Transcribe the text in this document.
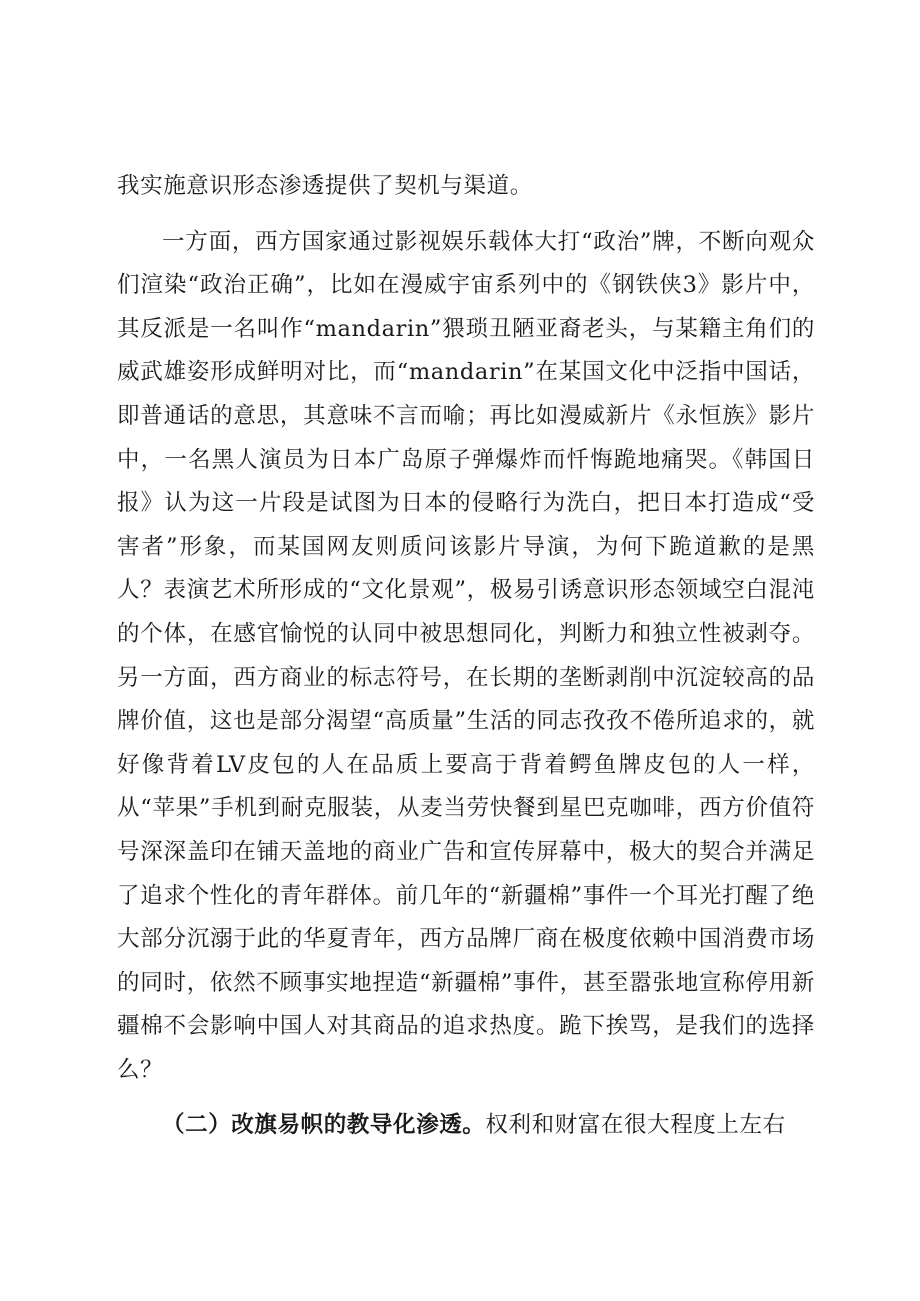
我实施意识形态渗透提供了契机与渠道。

一方面，西方国家通过影视娱乐载体大打“政治”牌，不断向观众们渲染“政治正确”，比如在漫威宇宙系列中的《钢铁侠3》影片中，其反派是一名叫作“mandarin”猥琐丑陋亚裔老头，与某籍主角们的威武雄姿形成鲜明对比，而“mandarin”在某国文化中泛指中国话，即普通话的意思，其意味不言而喻；再比如漫威新片《永恒族》影片中，一名黑人演员为日本广岛原子弹爆炸而忏悔跪地痛哭。《韩国日报》认为这一片段是试图为日本的侵略行为洗白，把日本打造成“受害者”形象，而某国网友则质问该影片导演，为何下跪道歉的是黑人？表演艺术所形成的“文化景观”，极易引诱意识形态领域空白混沌的个体，在感官愉悦的认同中被思想同化，判断力和独立性被剥夺。另一方面，西方商业的标志符号，在长期的垄断剥削中沉淀较高的品牌价值，这也是部分渴望“高质量”生活的同志孜孜不倦所追求的，就好像背着LV皮包的人在品质上要高于背着鳄鱼牌皮包的人一样，从“苹果”手机到耐克服装，从麦当劳快餐到星巴克咖啡，西方价值符号深深盖印在铺天盖地的商业广告和宣传屏幕中，极大的契合并满足了追求个性化的青年群体。前几年的“新疆棉”事件一个耳光打醒了绝大部分沉溺于此的华夏青年，西方品牌厂商在极度依赖中国消费市场的同时，依然不顾事实地捏造“新疆棉”事件，甚至嚣张地宣称停用新疆棉不会影响中国人对其商品的追求热度。跪下挨骂，是我们的选择么？

（二）改旗易帜的教导化渗透。权利和财富在很大程度上左右
